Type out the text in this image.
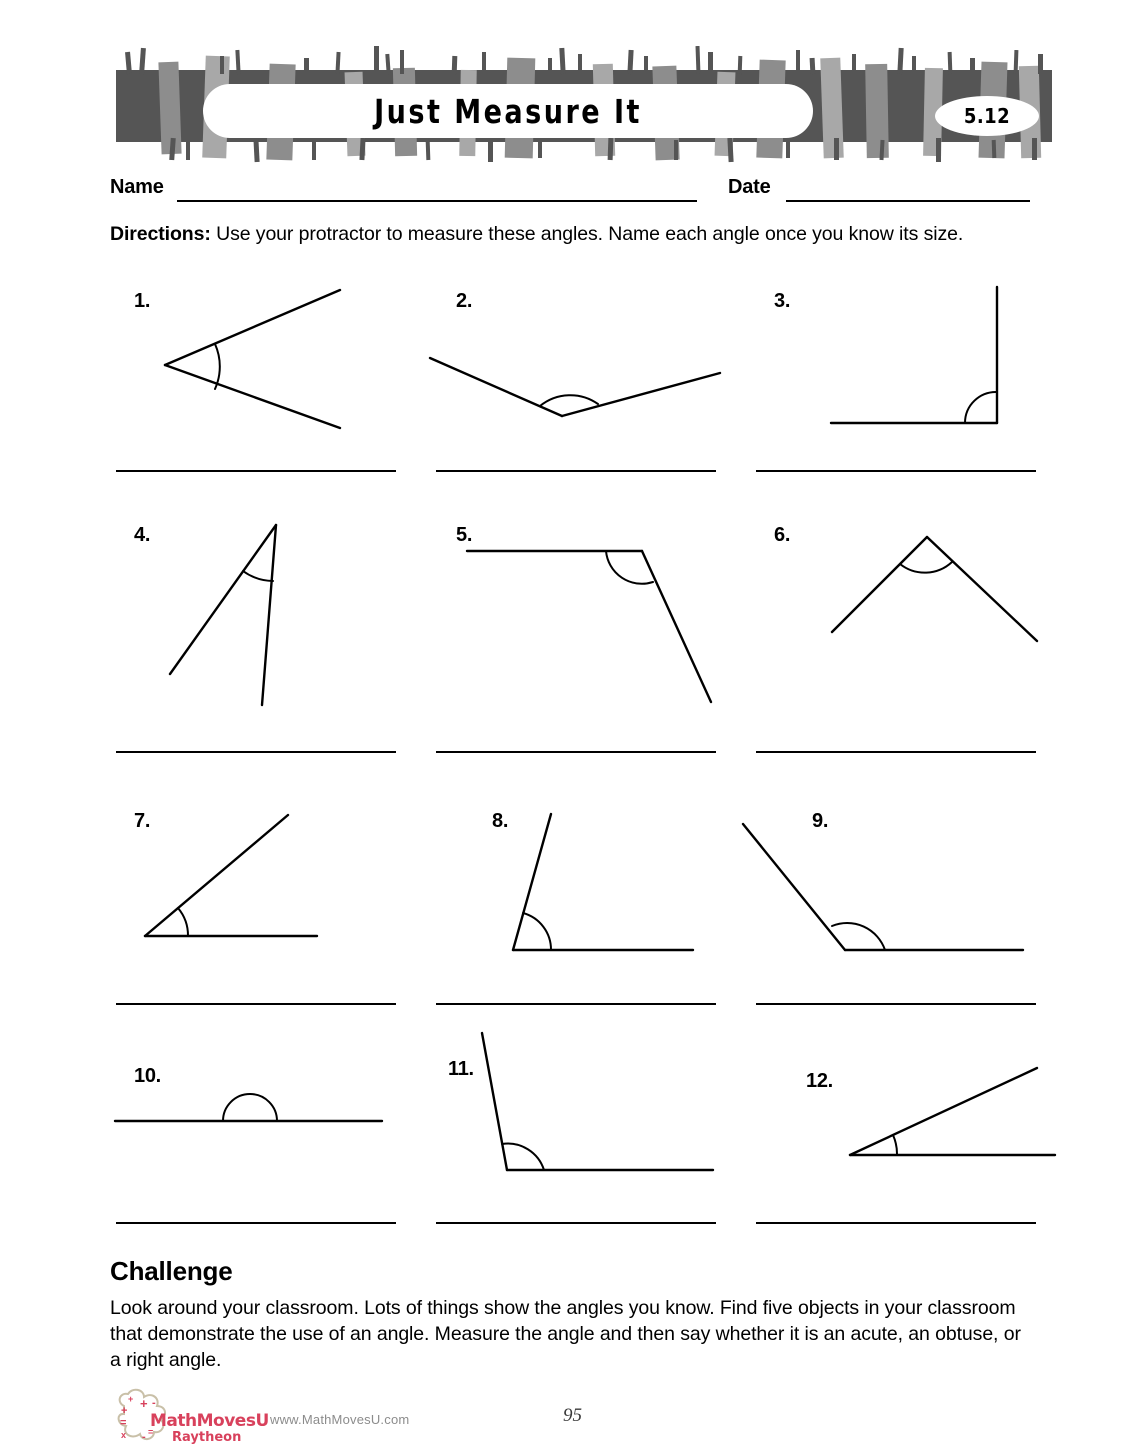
Just Measure It	5.12
Name	Date
Directions: Use your protractor to measure these angles. Name each angle once you know its size.
1.	2.	3.
4.	5.	6.
7.	8.	9.
10.	11.
12.
Challenge
Look around your classroom. Lots of things show the angles you know. Find five objects in your classroom that demonstrate the use of an angle. Measure the angle and then say whether it is an acute, an obtuse, or a right angle.
+
+
=
x
+ -
- =
MathMovesU
Raytheon
www.MathMovesU.com	95
